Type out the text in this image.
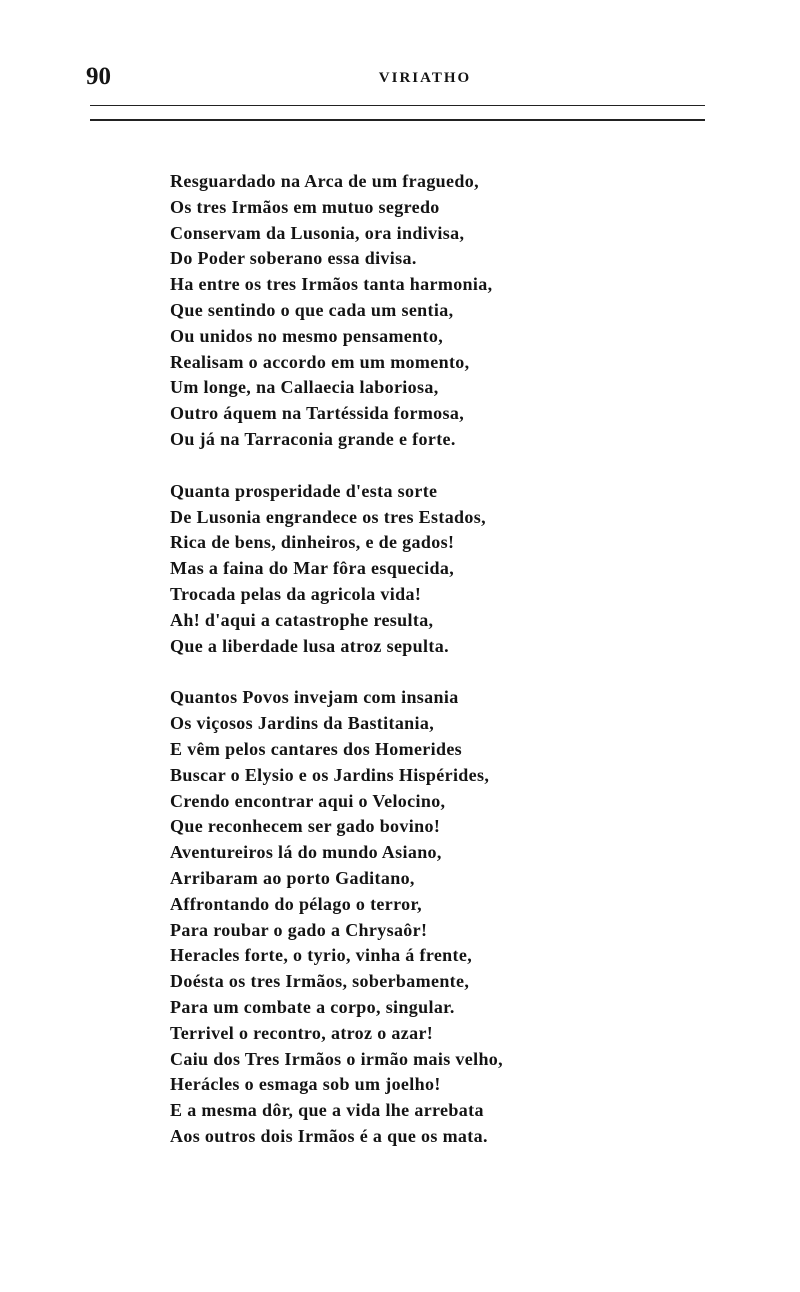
90	VIRIATHO
Resguardado na Arca de um fraguedo,
Os tres Irmãos em mutuo segredo
Conservam da Lusonia, ora indivisa,
Do Poder soberano essa divisa.
Ha entre os tres Irmãos tanta harmonia,
Que sentindo o que cada um sentia,
Ou unidos no mesmo pensamento,
Realisam o accordo em um momento,
Um longe, na Callaecia laboriosa,
Outro áquem na Tartéssida formosa,
Ou já na Tarraconia grande e forte.
Quanta prosperidade d'esta sorte
De Lusonia engrandece os tres Estados,
Rica de bens, dinheiros, e de gados!
Mas a faina do Mar fôra esquecida,
Trocada pelas da agricola vida!
Ah! d'aqui a catastrophe resulta,
Que a liberdade lusa atroz sepulta.
Quantos Povos invejam com insania
Os viçosos Jardins da Bastitania,
E vêm pelos cantares dos Homerides
Buscar o Elysio e os Jardins Hispérides,
Crendo encontrar aqui o Velocino,
Que reconhecem ser gado bovino!
Aventureiros lá do mundo Asiano,
Arribaram ao porto Gaditano,
Affrontando do pélago o terror,
Para roubar o gado a Chrysaôr!
Heracles forte, o tyrio, vinha á frente,
Doésta os tres Irmãos, soberbamente,
Para um combate a corpo, singular.
Terrivel o recontro, atroz o azar!
Caiu dos Tres Irmãos o irmão mais velho,
Herácles o esmaga sob um joelho!
E a mesma dôr, que a vida lhe arrebata
Aos outros dois Irmãos é a que os mata.
